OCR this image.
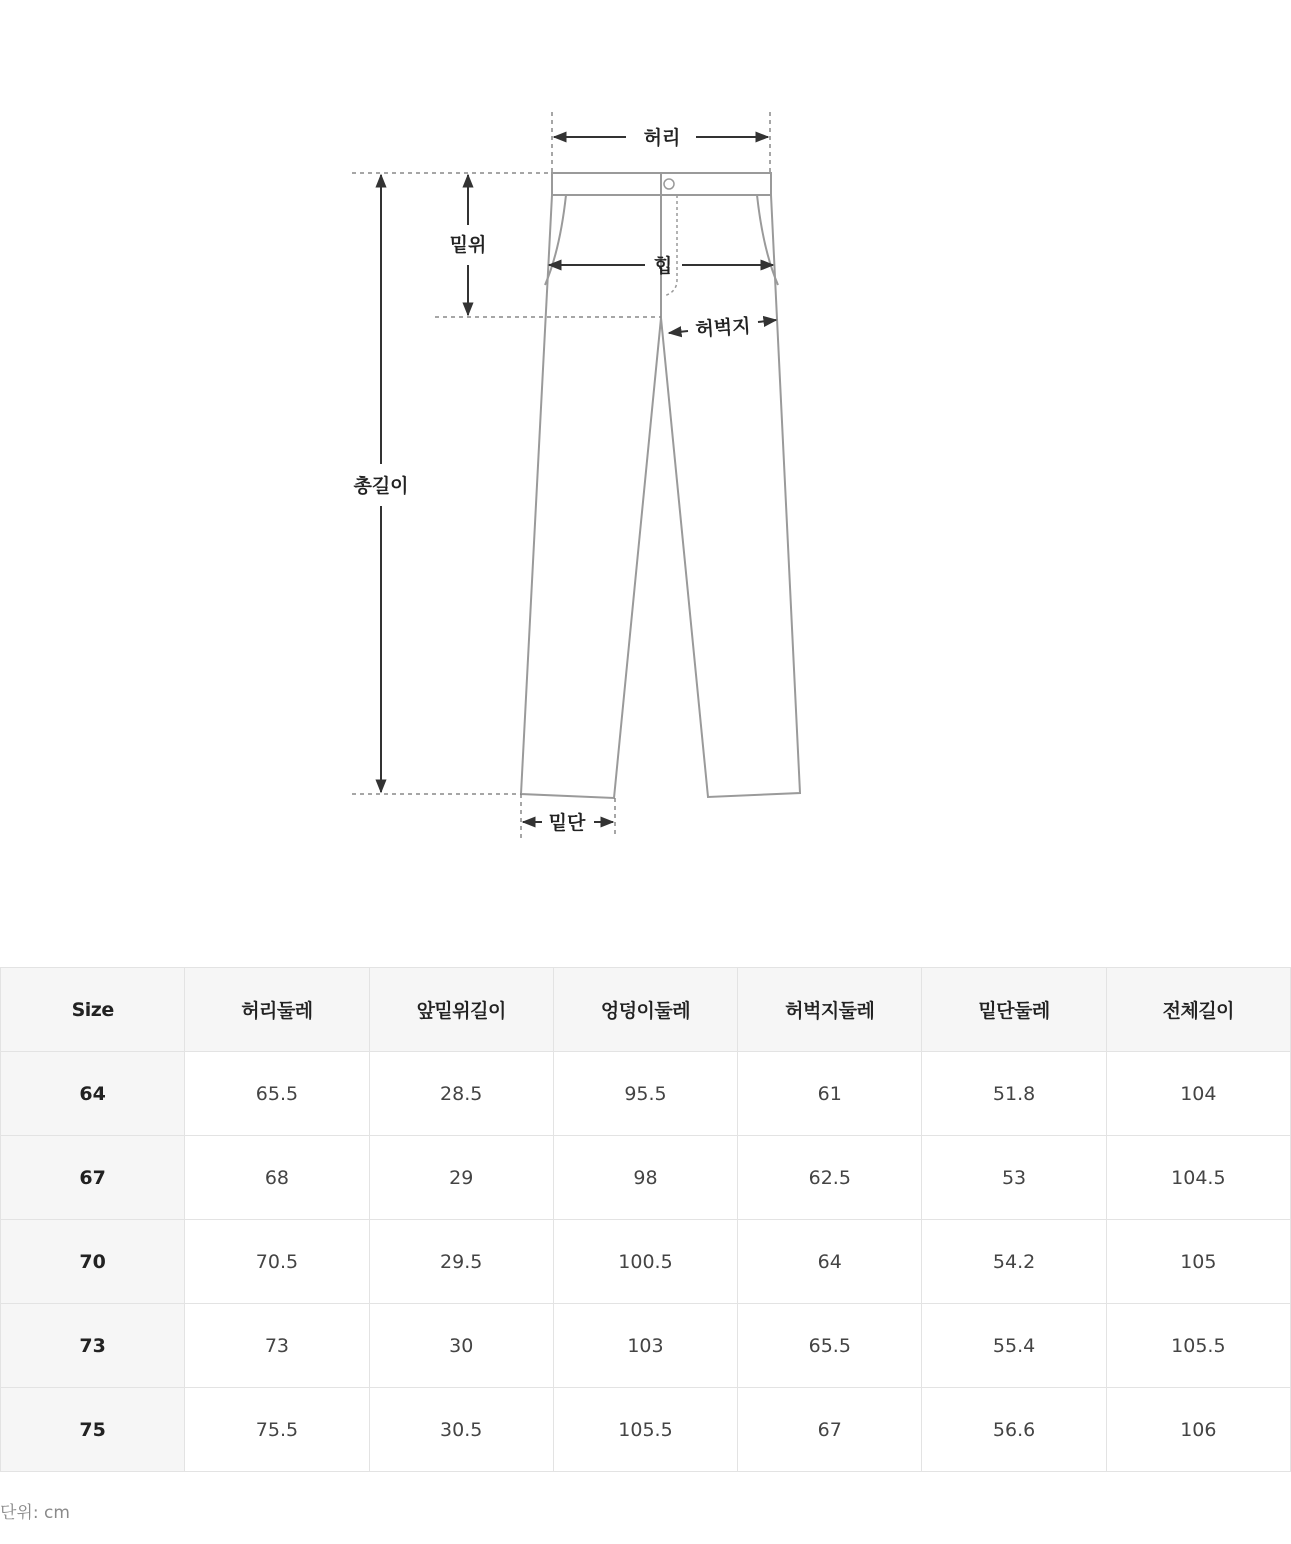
허리
밑위
힙
허벅지
총길이
밑단
Size	허리둘레	앞밑위길이	엉덩이둘레	허벅지둘레	밑단둘레	전체길이
64	65.5	28.5	95.5	61	51.8	104
67	68	29	98	62.5	53	104.5
70	70.5	29.5	100.5	64	54.2	105
73	73	30	103	65.5	55.4	105.5
75	75.5	30.5	105.5	67	56.6	106
단위: cm
